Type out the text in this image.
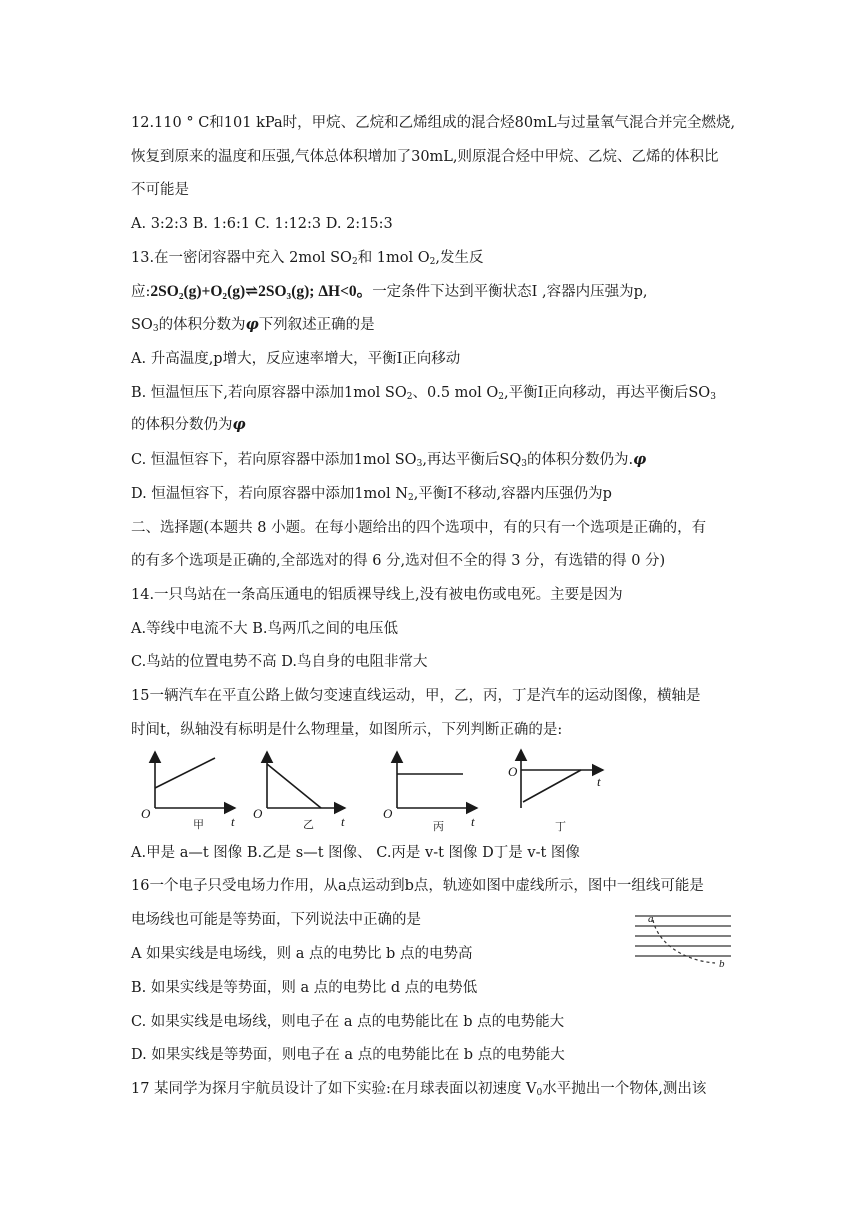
12.110 ° C和101 kPa时，甲烷、乙烷和乙烯组成的混合烃80mL与过量氧气混合并完全燃烧,
恢复到原来的温度和压强,气体总体积增加了30mL,则原混合烃中甲烷、乙烷、乙烯的体积比
不可能是
A. 3:2:3 B. 1:6:1 C. 1:12:3 D. 2:15:3
13.在一密闭容器中充入 2mol $SO_2$和 1mol $O_2$,发生反
应:2SO₂(g)+O₂(g)⇌2SO₃(g); ΔH<0。一定条件下达到平衡状态Ⅰ ,容器内压强为p,
$SO_3$的体积分数为φ下列叙述正确的是
A. 升高温度,p增大，反应速率增大，平衡Ⅰ正向移动
B. 恒温恒压下,若向原容器中添加1mol $SO_2$、0.5 mol $O_2$,平衡Ⅰ正向移动，再达平衡后$SO_3$
的体积分数仍为φ
C. 恒温恒容下，若向原容器中添加1mol $SO_3$,再达平衡后$SQ_3$的体积分数仍为.φ
D. 恒温恒容下，若向原容器中添加1mol $N_2$,平衡Ⅰ不移动,容器内压强仍为p
二、选择题(本题共 8 小题。在每小题给出的四个选项中，有的只有一个选项是正确的，有
的有多个选项是正确的,全部选对的得 6 分,选对但不全的得 3 分，有选错的得 0 分)
14.一只鸟站在一条高压通电的铝质裸导线上,没有被电伤或电死。主要是因为
A.等线中电流不大 B.鸟两爪之间的电压低
C.鸟站的位置电势不高 D.鸟自身的电阻非常大
15一辆汽车在平直公路上做匀变速直线运动，甲，乙，丙，丁是汽车的运动图像，横轴是
时间t，纵轴没有标明是什么物理量，如图所示，下列判断正确的是:
O
t
O
t
O
t
O
t
甲	乙	丙	丁
A.甲是 a—t 图像 B.乙是 s—t 图像、 C.丙是 v-t 图像 D丁是 v-t 图像
16一个电子只受电场力作用，从a点运动到b点，轨迹如图中虚线所示，图中一组线可能是
电场线也可能是等势面，下列说法中正确的是	a
b
A 如果实线是电场线，则 a 点的电势比 b 点的电势高
B. 如果实线是等势面，则 a 点的电势比 d 点的电势低
C. 如果实线是电场线，则电子在 a 点的电势能比在 b 点的电势能大
D. 如果实线是等势面，则电子在 a 点的电势能比在 b 点的电势能大
17 某同学为探月宇航员设计了如下实验:在月球表面以初速度 $V_0$水平抛出一个物体,测出该
